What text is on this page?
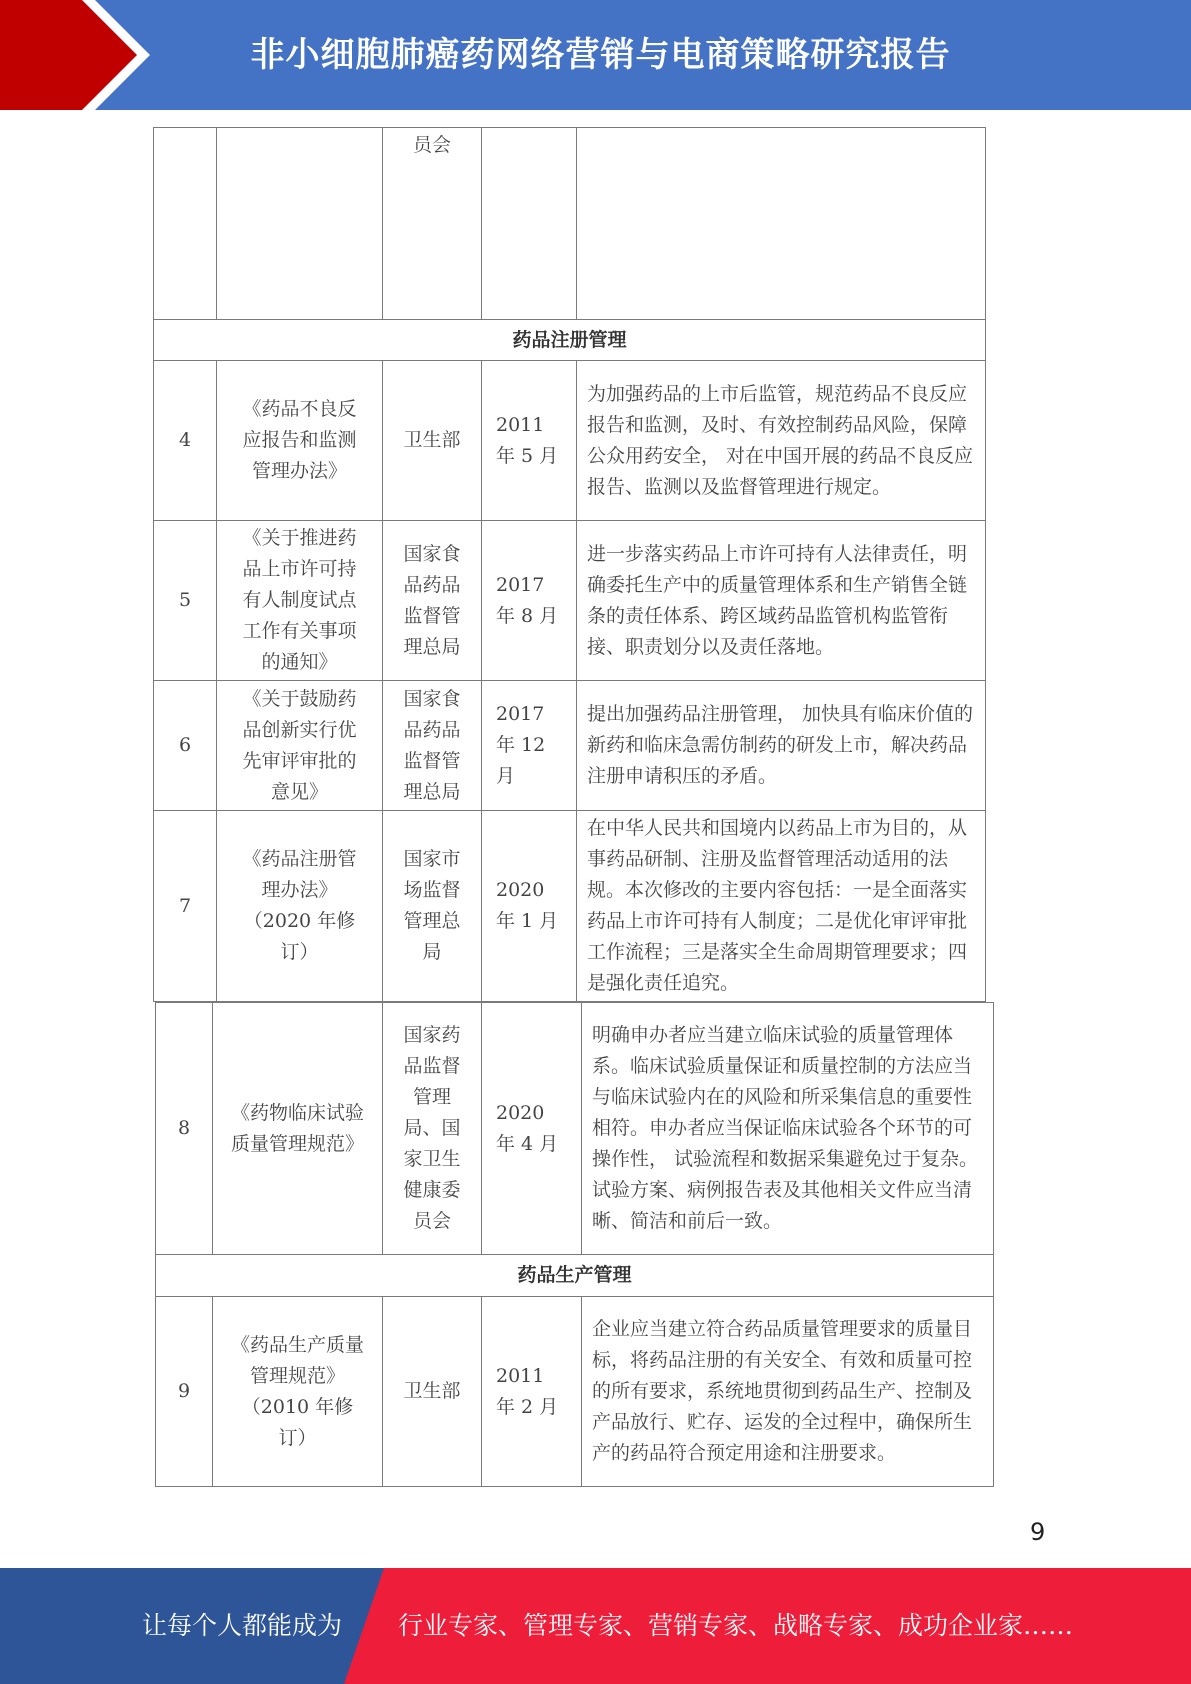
非小细胞肺癌药网络营销与电商策略研究报告
		员会		
药品注册管理				
4	《药品不良反应报告和监测管理办法》	卫生部	2011 年 5 月	为加强药品的上市后监管，规范药品不良反应报告和监测，及时、有效控制药品风险，保障公众用药安全， 对在中国开展的药品不良反应报告、监测以及监督管理进行规定。
5	《关于推进药品上市许可持有人制度试点工作有关事项的通知》	国家食品药品监督管理总局	2017 年 8 月	进一步落实药品上市许可持有人法律责任，明确委托生产中的质量管理体系和生产销售全链条的责任体系、跨区域药品监管机构监管衔接、职责划分以及责任落地。
6	《关于鼓励药品创新实行优先审评审批的意见》	国家食品药品监督管理总局	2017 年 12 月	提出加强药品注册管理， 加快具有临床价值的新药和临床急需仿制药的研发上市，解决药品注册申请积压的矛盾。
7	《药品注册管理办法》（2020 年修 订）	国家市场监督管理总局	2020 年 1 月	在中华人民共和国境内以药品上市为目的，从事药品研制、注册及监督管理活动适用的法规。本次修改的主要内容包括：一是全面落实药品上市许可持有人制度；二是优化审评审批工作流程；三是落实全生命周期管理要求；四是强化责任追究。
8	《药物临床试验质量管理规范》	国家药品监督管理局、国家卫生健康委员会	2020 年 4 月	明确申办者应当建立临床试验的质量管理体系。临床试验质量保证和质量控制的方法应当与临床试验内在的风险和所采集信息的重要性相符。申办者应当保证临床试验各个环节的可操作性， 试验流程和数据采集避免过于复杂。试验方案、病例报告表及其他相关文件应当清晰、简洁和前后一致。
药品生产管理				
9	《药品生产质量管理规范》（2010 年修 订）	卫生部	2011 年 2 月	企业应当建立符合药品质量管理要求的质量目标，将药品注册的有关安全、有效和质量可控的所有要求，系统地贯彻到药品生产、控制及产品放行、贮存、运发的全过程中，确保所生产的药品符合预定用途和注册要求。
9
让每个人都能成为 行业专家、管理专家、营销专家、战略专家、成功企业家……
